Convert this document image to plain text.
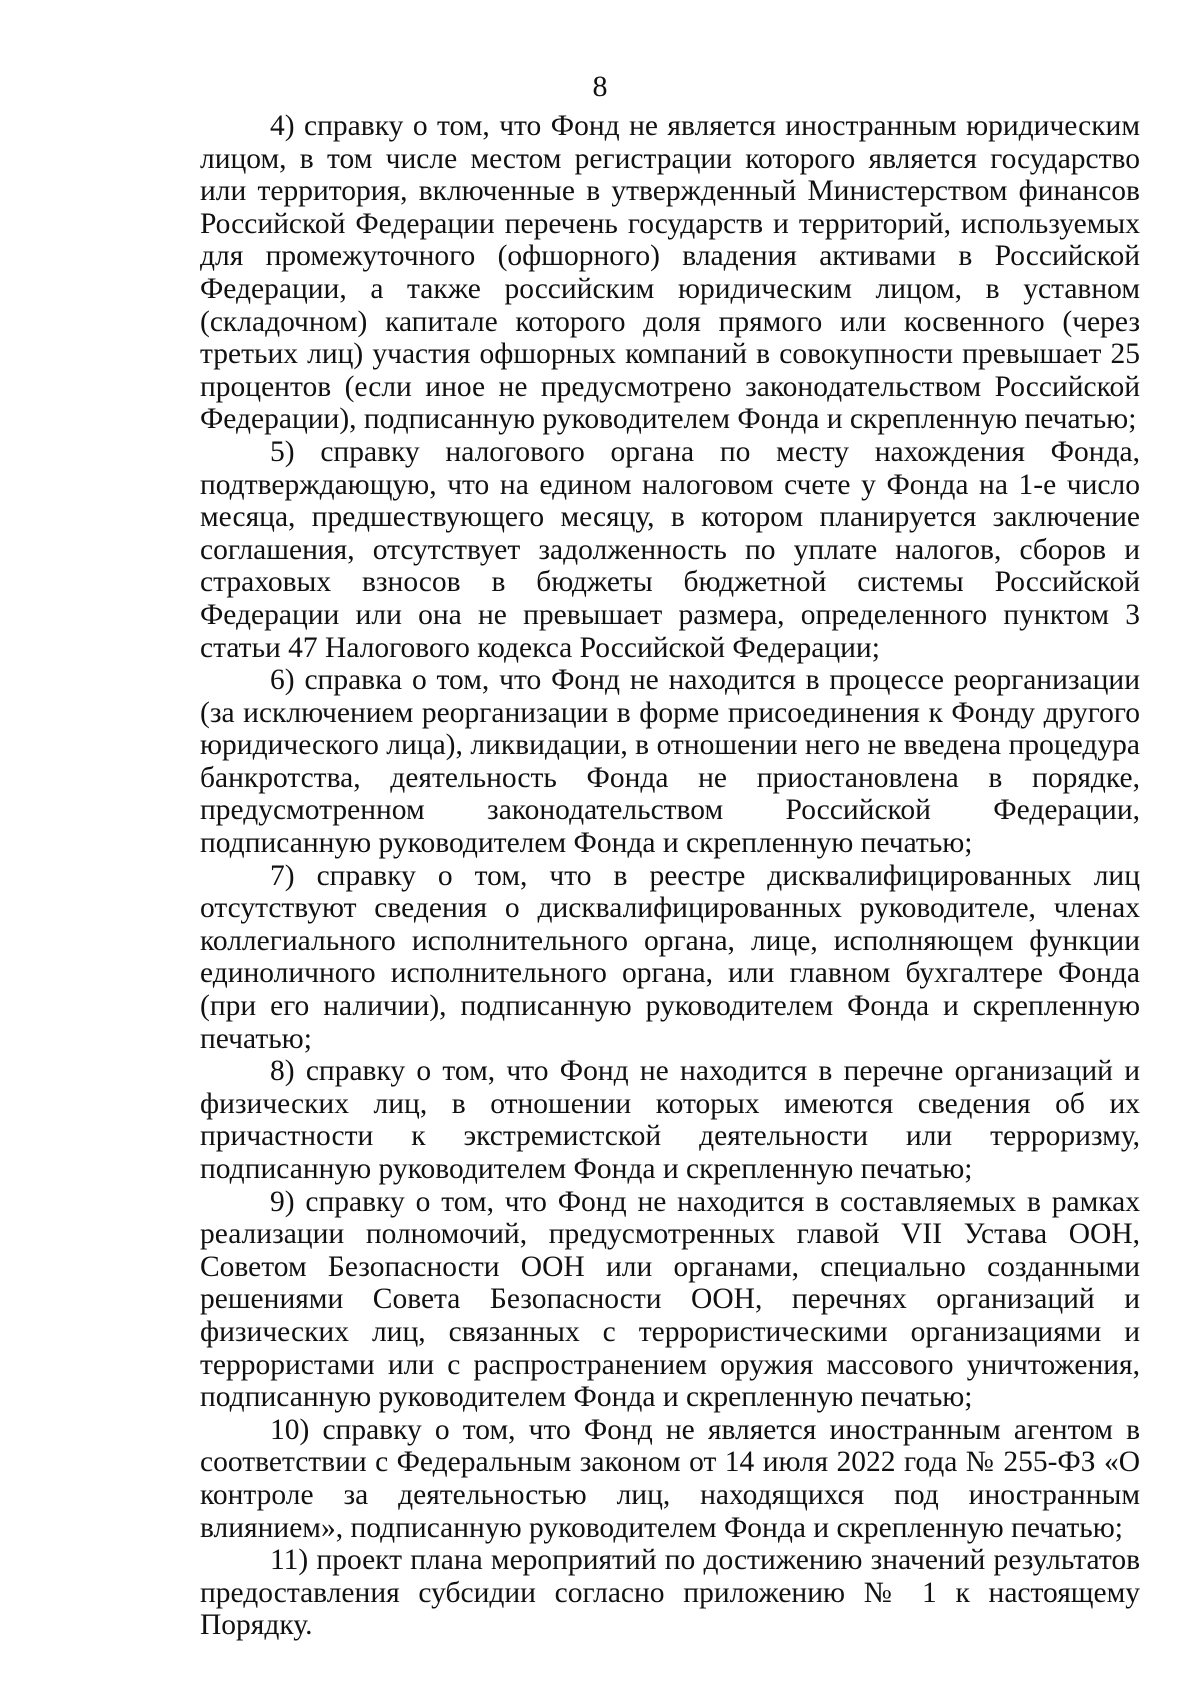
8

4) справку о том, что Фонд не является иностранным юридическим лицом, в том числе местом регистрации которого является государство или территория, включенные в утвержденный Министерством финансов Российской Федерации перечень государств и территорий, используемых для промежуточного (офшорного) владения активами в Российской Федерации, а также российским юридическим лицом, в уставном (складочном) капитале которого доля прямого или косвенного (через третьих лиц) участия офшорных компаний в совокупности превышает 25 процентов (если иное не предусмотрено законодательством Российской Федерации), подписанную руководителем Фонда и скрепленную печатью;

5) справку налогового органа по месту нахождения Фонда, подтверждающую, что на едином налоговом счете у Фонда на 1-е число месяца, предшествующего месяцу, в котором планируется заключение соглашения, отсутствует задолженность по уплате налогов, сборов и страховых взносов в бюджеты бюджетной системы Российской Федерации или она не превышает размера, определенного пунктом 3 статьи 47 Налогового кодекса Российской Федерации;

6) справка о том, что Фонд не находится в процессе реорганизации (за исключением реорганизации в форме присоединения к Фонду другого юридического лица), ликвидации, в отношении него не введена процедура банкротства, деятельность Фонда не приостановлена в порядке, предусмотренном законодательством Российской Федерации, подписанную руководителем Фонда и скрепленную печатью;

7) справку о том, что в реестре дисквалифицированных лиц отсутствуют сведения о дисквалифицированных руководителе, членах коллегиального исполнительного органа, лице, исполняющем функции единоличного исполнительного органа, или главном бухгалтере Фонда (при его наличии), подписанную руководителем Фонда и скрепленную печатью;

8) справку о том, что Фонд не находится в перечне организаций и физических лиц, в отношении которых имеются сведения об их причастности к экстремистской деятельности или терроризму, подписанную руководителем Фонда и скрепленную печатью;

9) справку о том, что Фонд не находится в составляемых в рамках реализации полномочий, предусмотренных главой VII Устава ООН, Советом Безопасности ООН или органами, специально созданными решениями Совета Безопасности ООН, перечнях организаций и физических лиц, связанных с террористическими организациями и террористами или с распространением оружия массового уничтожения, подписанную руководителем Фонда и скрепленную печатью;

10) справку о том, что Фонд не является иностранным агентом в соответствии с Федеральным законом от 14 июля 2022 года № 255-ФЗ «О контроле за деятельностью лиц, находящихся под иностранным влиянием», подписанную руководителем Фонда и скрепленную печатью;

11) проект плана мероприятий по достижению значений результатов предоставления субсидии согласно приложению № 1 к настоящему Порядку.
